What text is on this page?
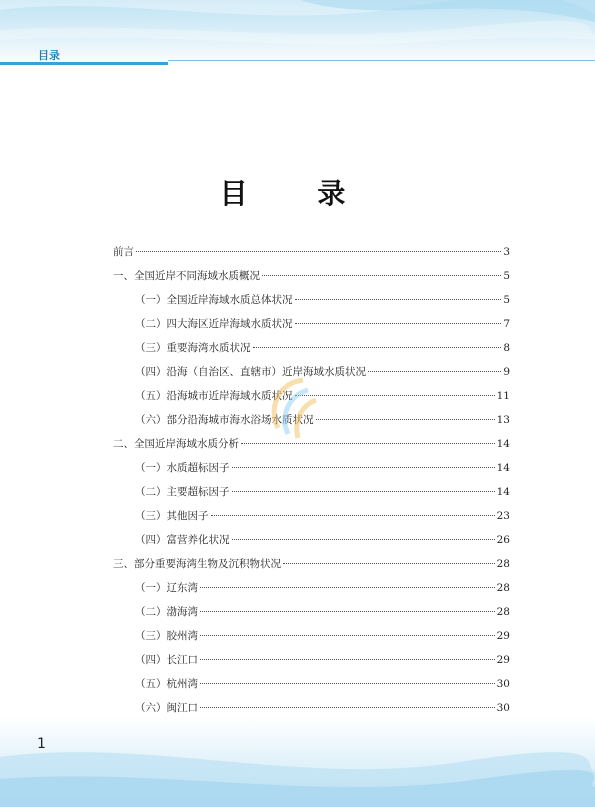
目录
目 录
前言	3
一、全国近岸不同海域水质概况	5
（一）全国近岸海域水质总体状况	5
（二）四大海区近岸海域水质状况	7
（三）重要海湾水质状况	8
（四）沿海（自治区、直辖市）近岸海域水质状况	9
（五）沿海城市近岸海域水质状况	11
（六）部分沿海城市海水浴场水质状况	13
二、全国近岸海域水质分析	14
（一）水质超标因子	14
（二）主要超标因子	14
（三）其他因子	23
（四）富营养化状况	26
三、部分重要海湾生物及沉积物状况	28
（一）辽东湾	28
（二）渤海湾	28
（三）胶州湾	29
（四）长江口	29
（五）杭州湾	30
（六）闽江口	30
1
